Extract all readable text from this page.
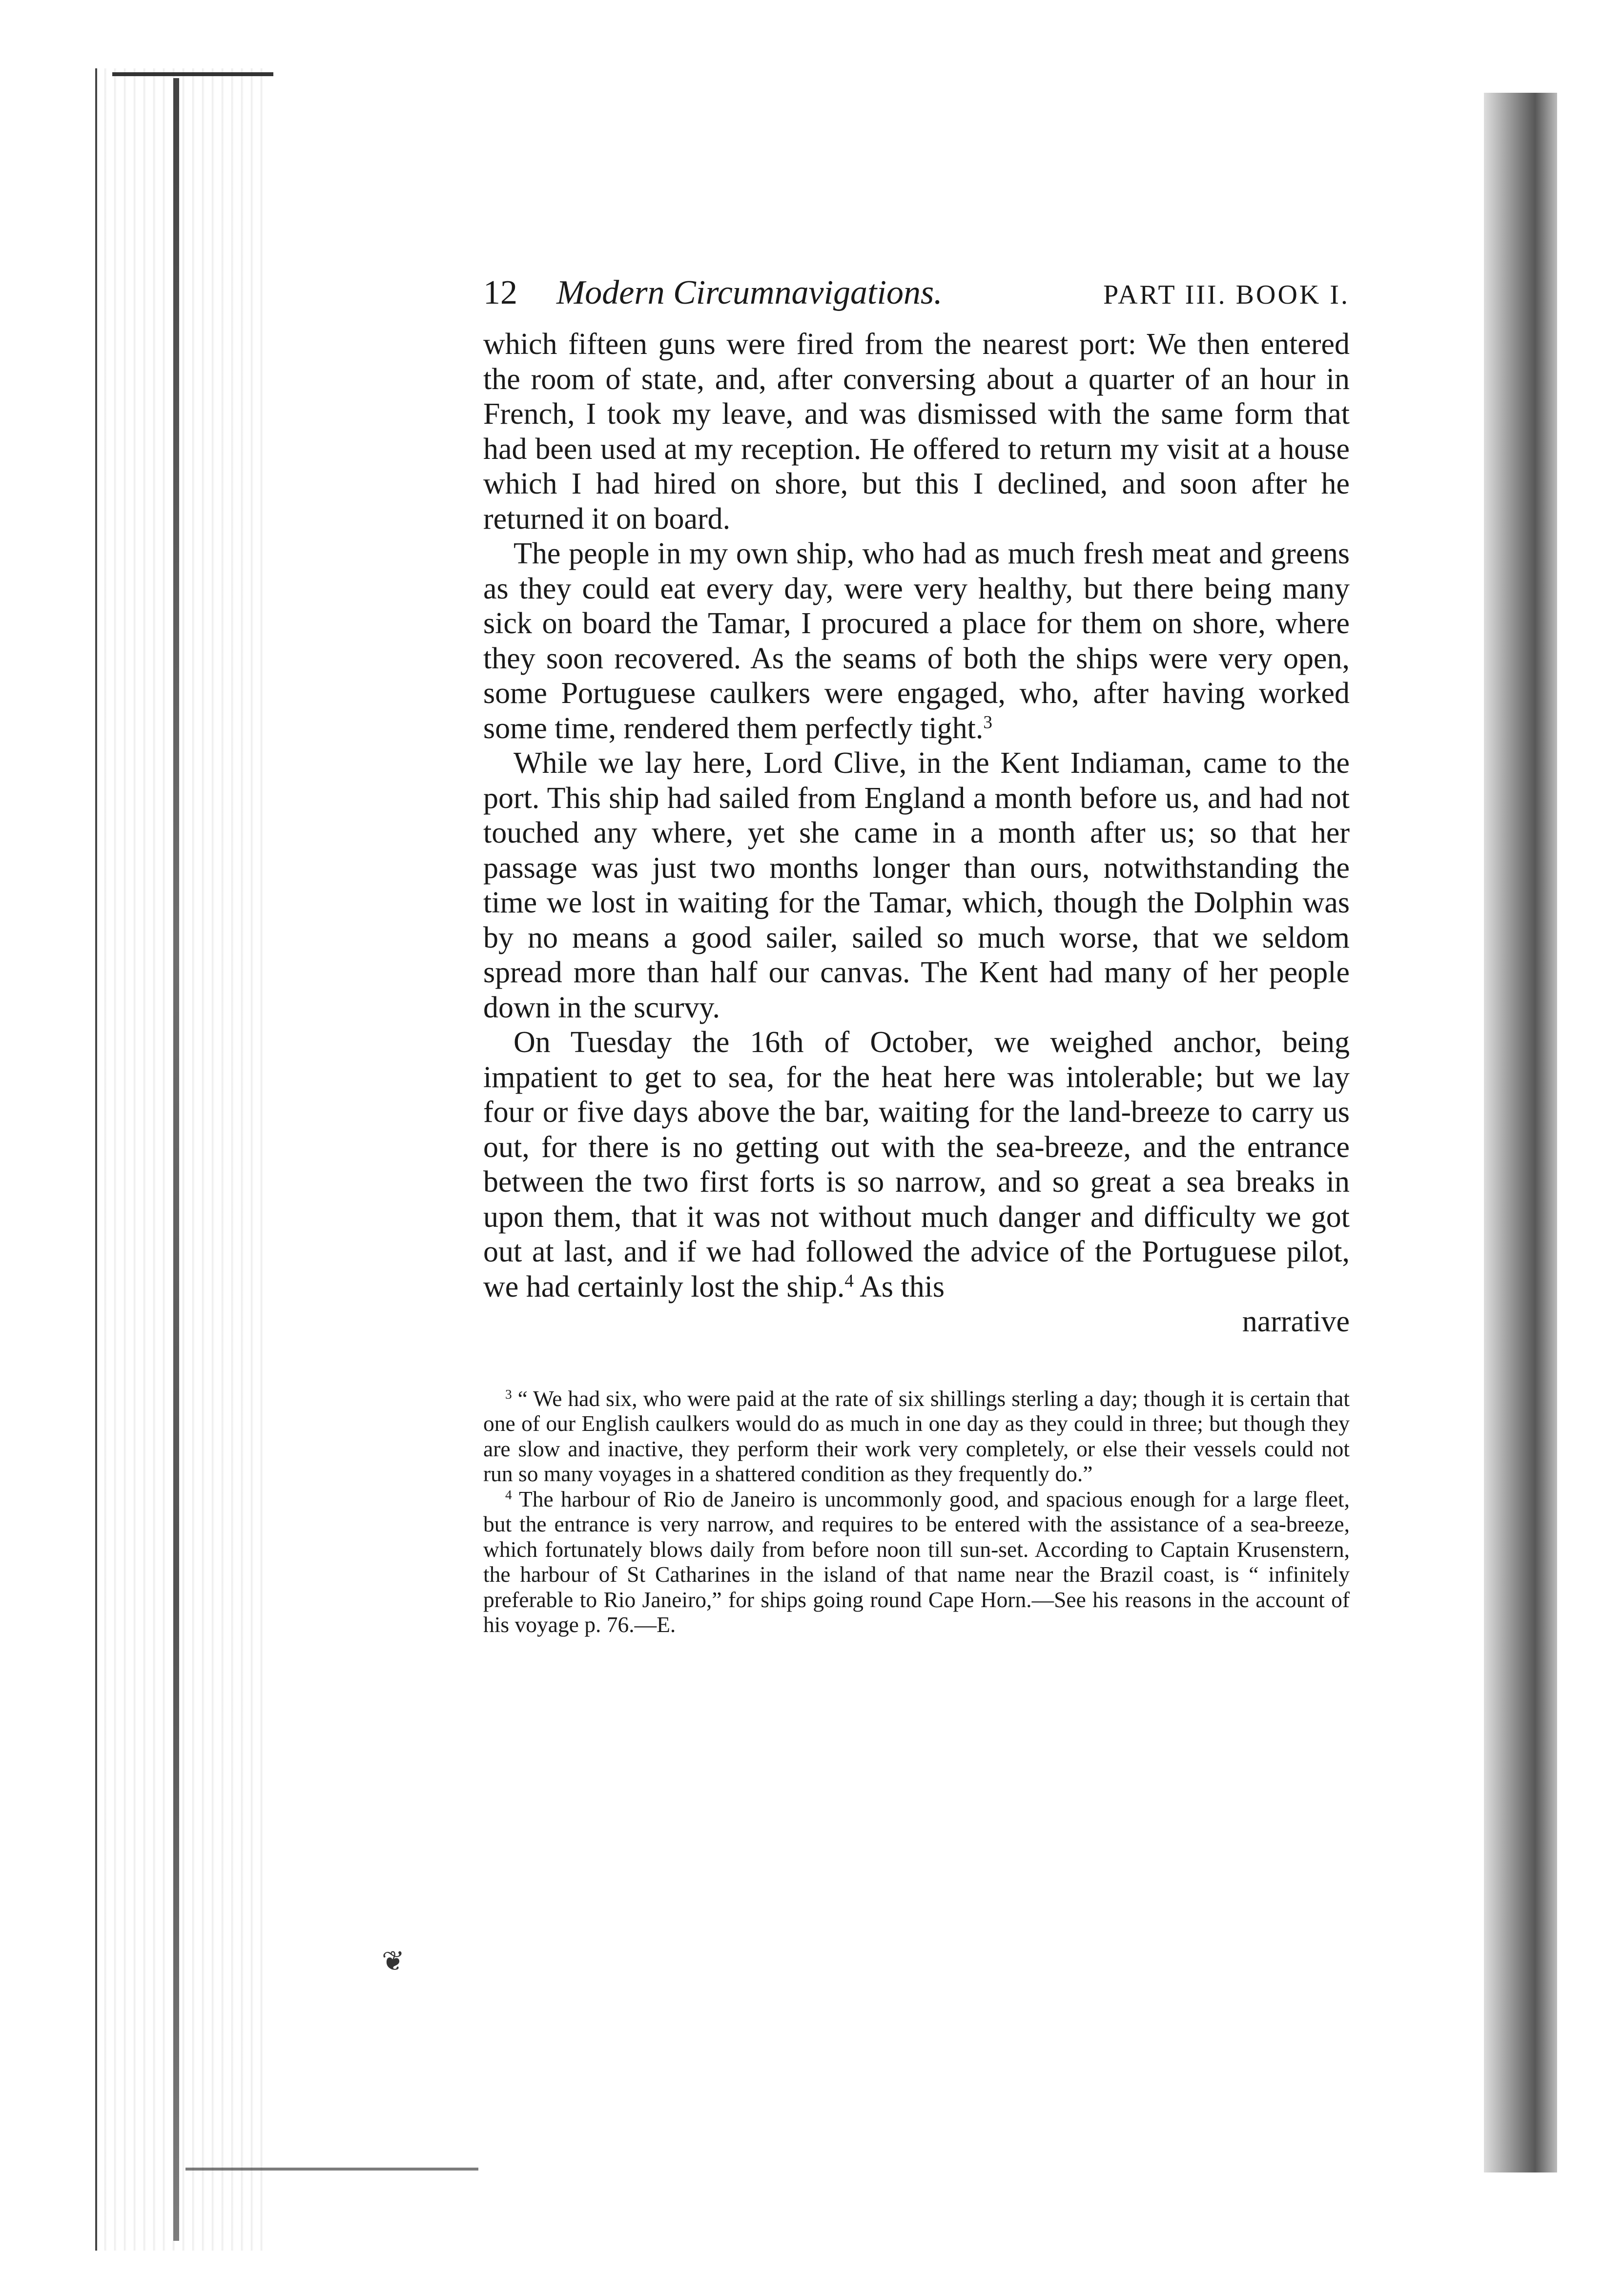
❦
12 Modern Circumnavigations.	PART III. BOOK I.

which fifteen guns were fired from the nearest port: We then entered the room of state, and, after conversing about a quarter of an hour in French, I took my leave, and was dismissed with the same form that had been used at my reception. He offered to return my visit at a house which I had hired on shore, but this I declined, and soon after he returned it on board.

The people in my own ship, who had as much fresh meat and greens as they could eat every day, were very healthy, but there being many sick on board the Tamar, I procured a place for them on shore, where they soon recovered. As the seams of both the ships were very open, some Portuguese caulkers were engaged, who, after having worked some time, rendered them perfectly tight.$^3$

While we lay here, Lord Clive, in the Kent Indiaman, came to the port. This ship had sailed from England a month before us, and had not touched any where, yet she came in a month after us; so that her passage was just two months longer than ours, notwithstanding the time we lost in waiting for the Tamar, which, though the Dolphin was by no means a good sailer, sailed so much worse, that we seldom spread more than half our canvas. The Kent had many of her people down in the scurvy.

On Tuesday the 16th of October, we weighed anchor, being impatient to get to sea, for the heat here was intolerable; but we lay four or five days above the bar, waiting for the land-breeze to carry us out, for there is no getting out with the sea-breeze, and the entrance between the two first forts is so narrow, and so great a sea breaks in upon them, that it was not without much danger and difficulty we got out at last, and if we had followed the advice of the Portuguese pilot, we had certainly lost the ship.$^4$ As this

narrative

$^3$ “ We had six, who were paid at the rate of six shillings sterling a day; though it is certain that one of our English caulkers would do as much in one day as they could in three; but though they are slow and inactive, they perform their work very completely, or else their vessels could not run so many voyages in a shattered condition as they frequently do.”

$^4$ The harbour of Rio de Janeiro is uncommonly good, and spacious enough for a large fleet, but the entrance is very narrow, and requires to be entered with the assistance of a sea-breeze, which fortunately blows daily from before noon till sun-set. According to Captain Krusenstern, the harbour of St Catharines in the island of that name near the Brazil coast, is “ infinitely preferable to Rio Janeiro,” for ships going round Cape Horn.—See his reasons in the account of his voyage p. 76.—E.
